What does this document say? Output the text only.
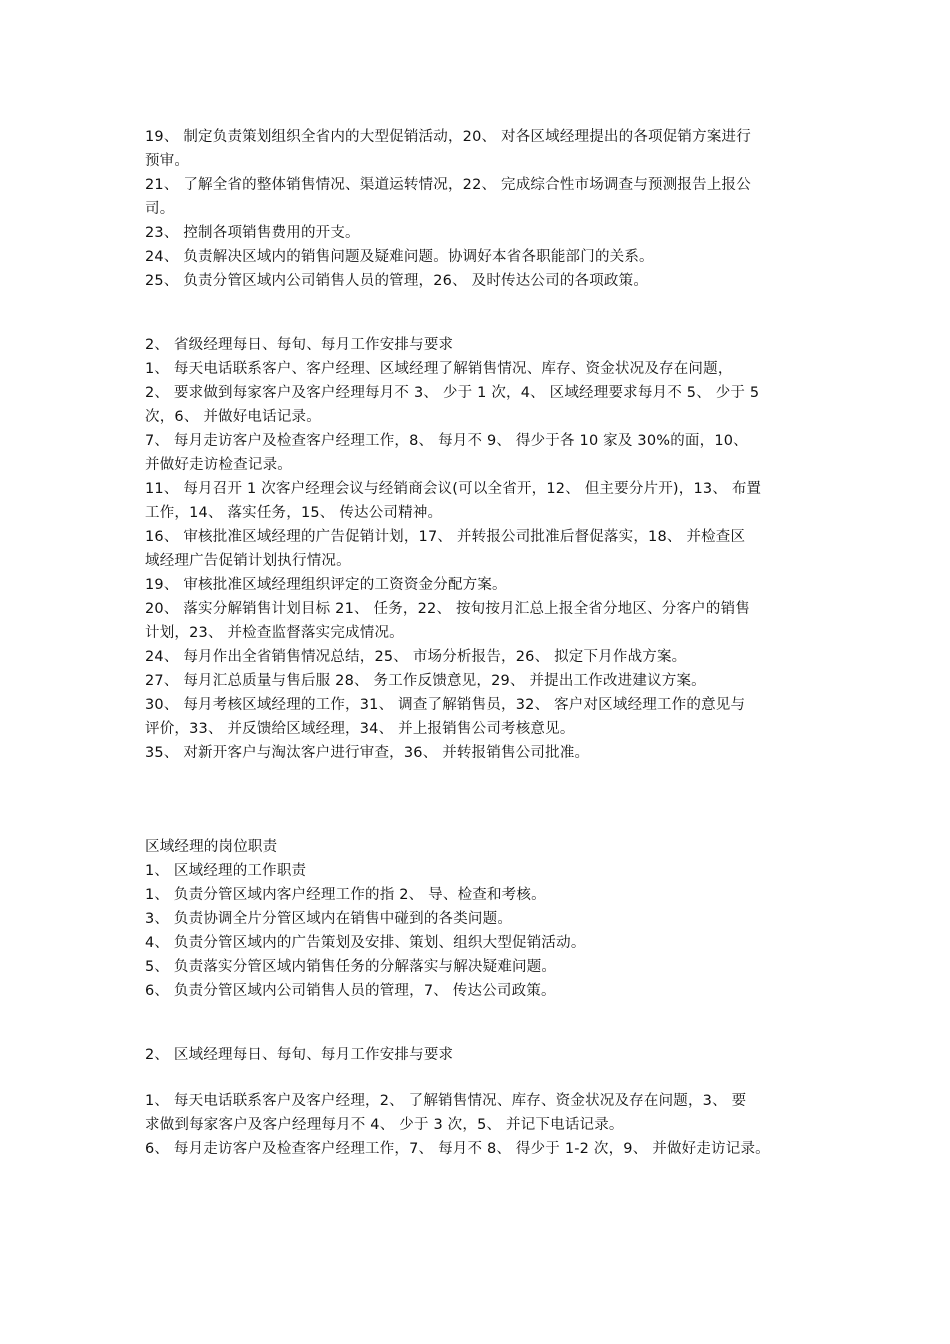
19、 制定负责策划组织全省内的大型促销活动，20、 对各区域经理提出的各项促销方案进行
预审。
21、 了解全省的整体销售情况、渠道运转情况，22、 完成综合性市场调查与预测报告上报公
司。
23、 控制各项销售费用的开支。
24、 负责解决区域内的销售问题及疑难问题。协调好本省各职能部门的关系。
25、 负责分管区域内公司销售人员的管理，26、 及时传达公司的各项政策。
2、 省级经理每日、每旬、每月工作安排与要求
1、 每天电话联系客户、客户经理、区域经理了解销售情况、库存、资金状况及存在问题，
2、 要求做到每家客户及客户经理每月不 3、 少于 1 次，4、 区域经理要求每月不 5、 少于 5
次，6、 并做好电话记录。
7、 每月走访客户及检查客户经理工作，8、 每月不 9、 得少于各 10 家及 30%的面，10、
并做好走访检查记录。
11、 每月召开 1 次客户经理会议与经销商会议(可以全省开，12、 但主要分片开)，13、 布置
工作，14、 落实任务，15、 传达公司精神。
16、 审核批准区域经理的广告促销计划，17、 并转报公司批准后督促落实，18、 并检查区
域经理广告促销计划执行情况。
19、 审核批准区域经理组织评定的工资资金分配方案。
20、 落实分解销售计划目标 21、 任务，22、 按旬按月汇总上报全省分地区、分客户的销售
计划，23、 并检查监督落实完成情况。
24、 每月作出全省销售情况总结，25、 市场分析报告，26、 拟定下月作战方案。
27、 每月汇总质量与售后服 28、 务工作反馈意见，29、 并提出工作改进建议方案。
30、 每月考核区域经理的工作，31、 调查了解销售员，32、 客户对区域经理工作的意见与
评价，33、 并反馈给区域经理，34、 并上报销售公司考核意见。
35、 对新开客户与淘汰客户进行审查，36、 并转报销售公司批准。
区域经理的岗位职责
1、 区域经理的工作职责
1、 负责分管区域内客户经理工作的指 2、 导、检查和考核。
3、 负责协调全片分管区域内在销售中碰到的各类问题。
4、 负责分管区域内的广告策划及安排、策划、组织大型促销活动。
5、 负责落实分管区域内销售任务的分解落实与解决疑难问题。
6、 负责分管区域内公司销售人员的管理，7、 传达公司政策。
2、 区域经理每日、每旬、每月工作安排与要求
1、 每天电话联系客户及客户经理，2、 了解销售情况、库存、资金状况及存在问题，3、 要
求做到每家客户及客户经理每月不 4、 少于 3 次，5、 并记下电话记录。
6、 每月走访客户及检查客户经理工作，7、 每月不 8、 得少于 1-2 次，9、 并做好走访记录。
